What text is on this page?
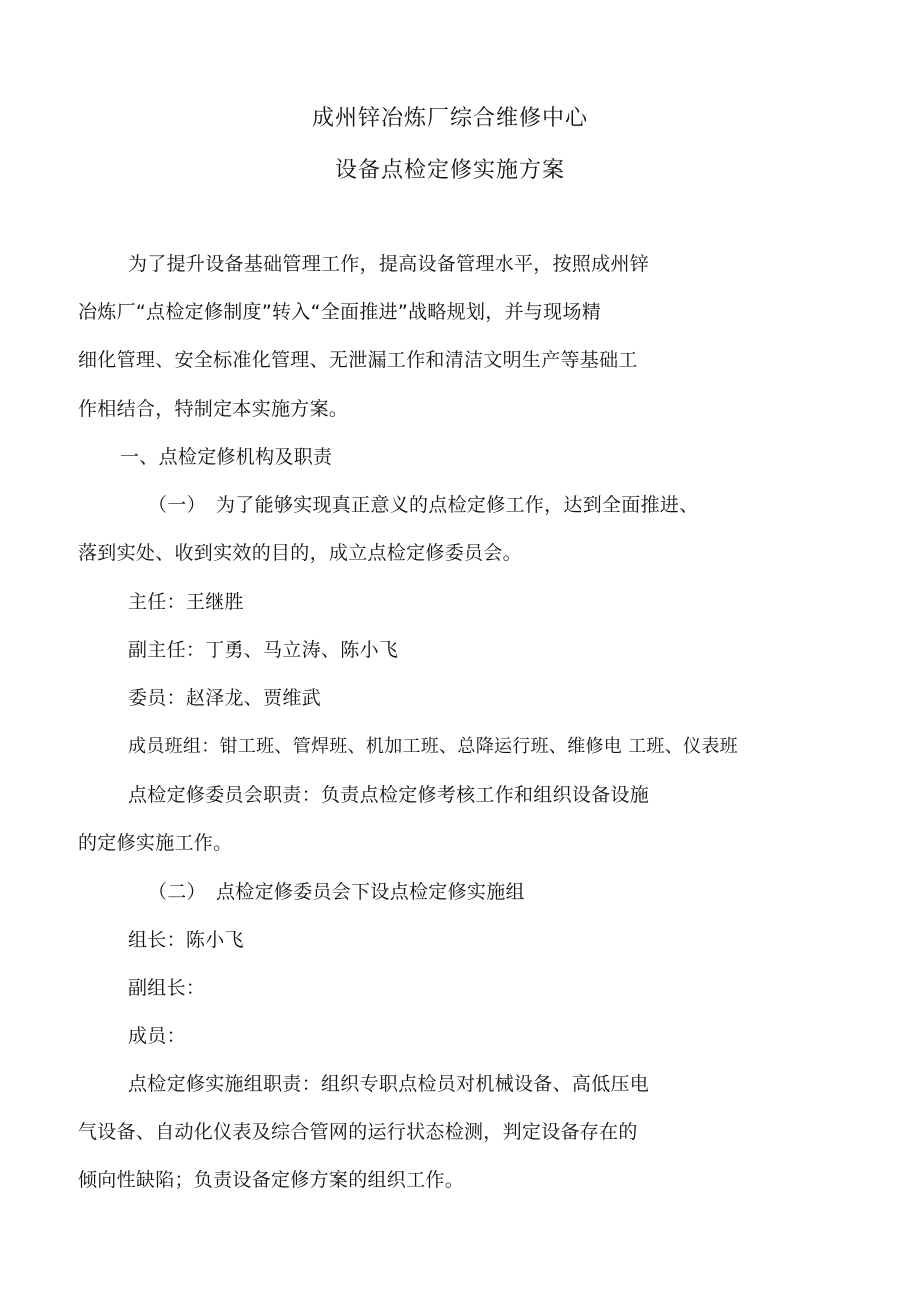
成州锌冶炼厂综合维修中心
设备点检定修实施方案
为了提升设备基础管理工作，提高设备管理水平，按照成州锌
冶炼厂“点检定修制度”转入“全面推进”战略规划，并与现场精
细化管理、安全标准化管理、无泄漏工作和清洁文明生产等基础工
作相结合，特制定本实施方案。
一、点检定修机构及职责
（一） 为了能够实现真正意义的点检定修工作，达到全面推进、
落到实处、收到实效的目的，成立点检定修委员会。
主任：王继胜
副主任：丁勇、马立涛、陈小飞
委员：赵泽龙、贾维武
成员班组：钳工班、管焊班、机加工班、总降运行班、维修电 工班、仪表班
点检定修委员会职责：负责点检定修考核工作和组织设备设施
的定修实施工作。
（二） 点检定修委员会下设点检定修实施组
组长：陈小飞
副组长：
成员：
点检定修实施组职责：组织专职点检员对机械设备、高低压电
气设备、自动化仪表及综合管网的运行状态检测，判定设备存在的
倾向性缺陷；负责设备定修方案的组织工作。
